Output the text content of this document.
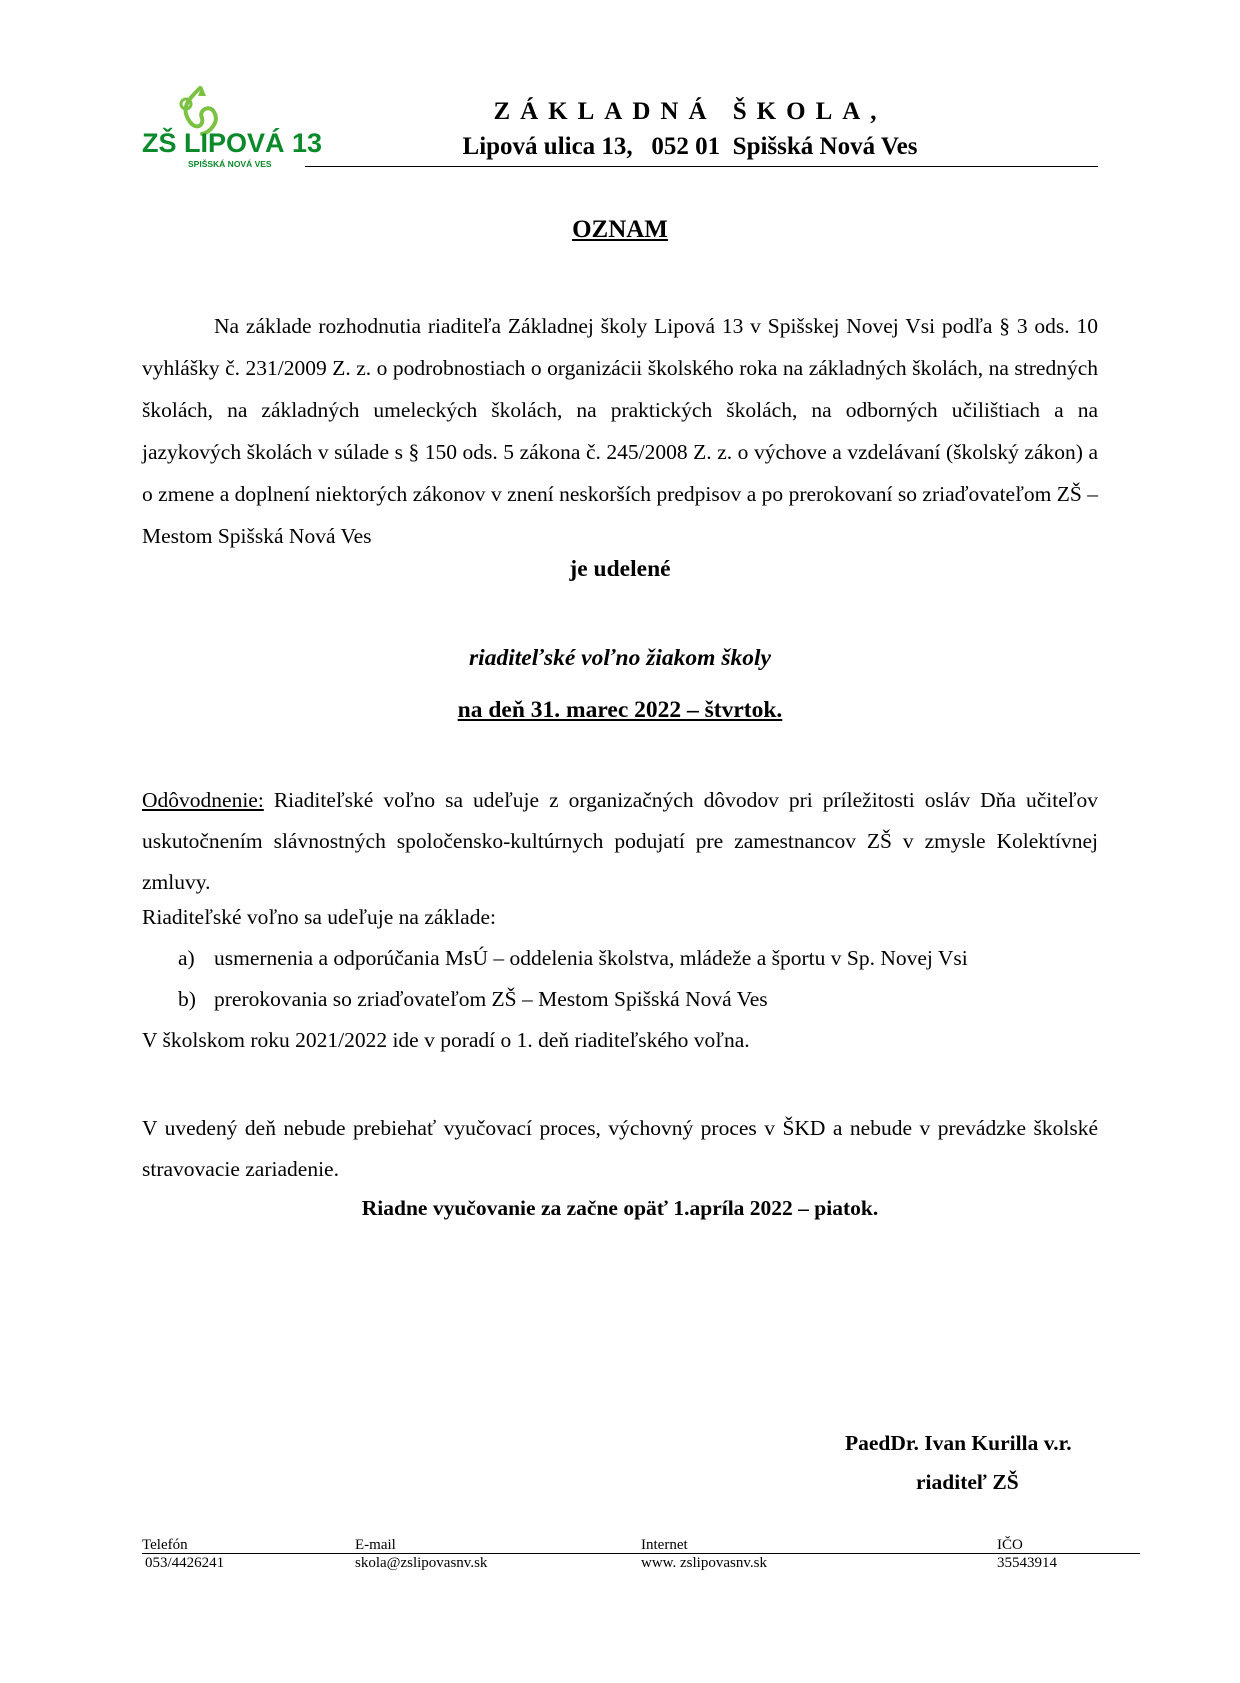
ZŠ LIPOVÁ 13
SPIŠSKÁ NOVÁ VES
ZÁKLADNÁ ŠKOLA,
Lipová ulica 13,   052 01  Spišská Nová Ves
OZNAM

Na základe rozhodnutia riaditeľa Základnej školy Lipová 13 v Spišskej Novej Vsi podľa § 3 ods. 10 vyhlášky č. 231/2009 Z. z. o podrobnostiach o organizácii školského roka na základných školách, na stredných školách, na základných umeleckých školách, na praktických školách, na odborných učilištiach a na jazykových školách v súlade s § 150 ods. 5 zákona č. 245/2008 Z. z. o výchove a vzdelávaní (školský zákon) a o zmene a doplnení niektorých zákonov v znení neskorších predpisov a po prerokovaní so zriaďovateľom ZŠ – Mestom Spišská Nová Ves

je udelené
riaditeľské voľno žiakom školy
na deň 31. marec 2022 – štvrtok.

Odôvodnenie: Riaditeľské voľno sa udeľuje z organizačných dôvodov pri príležitosti osláv Dňa učiteľov uskutočnením slávnostných spoločensko-kultúrnych podujatí pre zamestnancov ZŠ v zmysle Kolektívnej zmluvy.

Riaditeľské voľno sa udeľuje na základe:
a) usmernenia a odporúčania MsÚ – oddelenia školstva, mládeže a športu v Sp. Novej Vsi
b) prerokovania so zriaďovateľom ZŠ – Mestom Spišská Nová Ves
V školskom roku 2021/2022 ide v poradí o 1. deň riaditeľského voľna.

V uvedený deň nebude prebiehať vyučovací proces, výchovný proces v ŠKD a nebude v prevádzke školské stravovacie zariadenie.

Riadne vyučovanie za začne opäť 1.apríla 2022 – piatok.
PaedDr. Ivan Kurilla v.r.
riaditeľ ZŠ
Telefón	E-mail	Internet	IČO
053/4426241	skola@zslipovasnv.sk	www. zslipovasnv.sk	35543914
